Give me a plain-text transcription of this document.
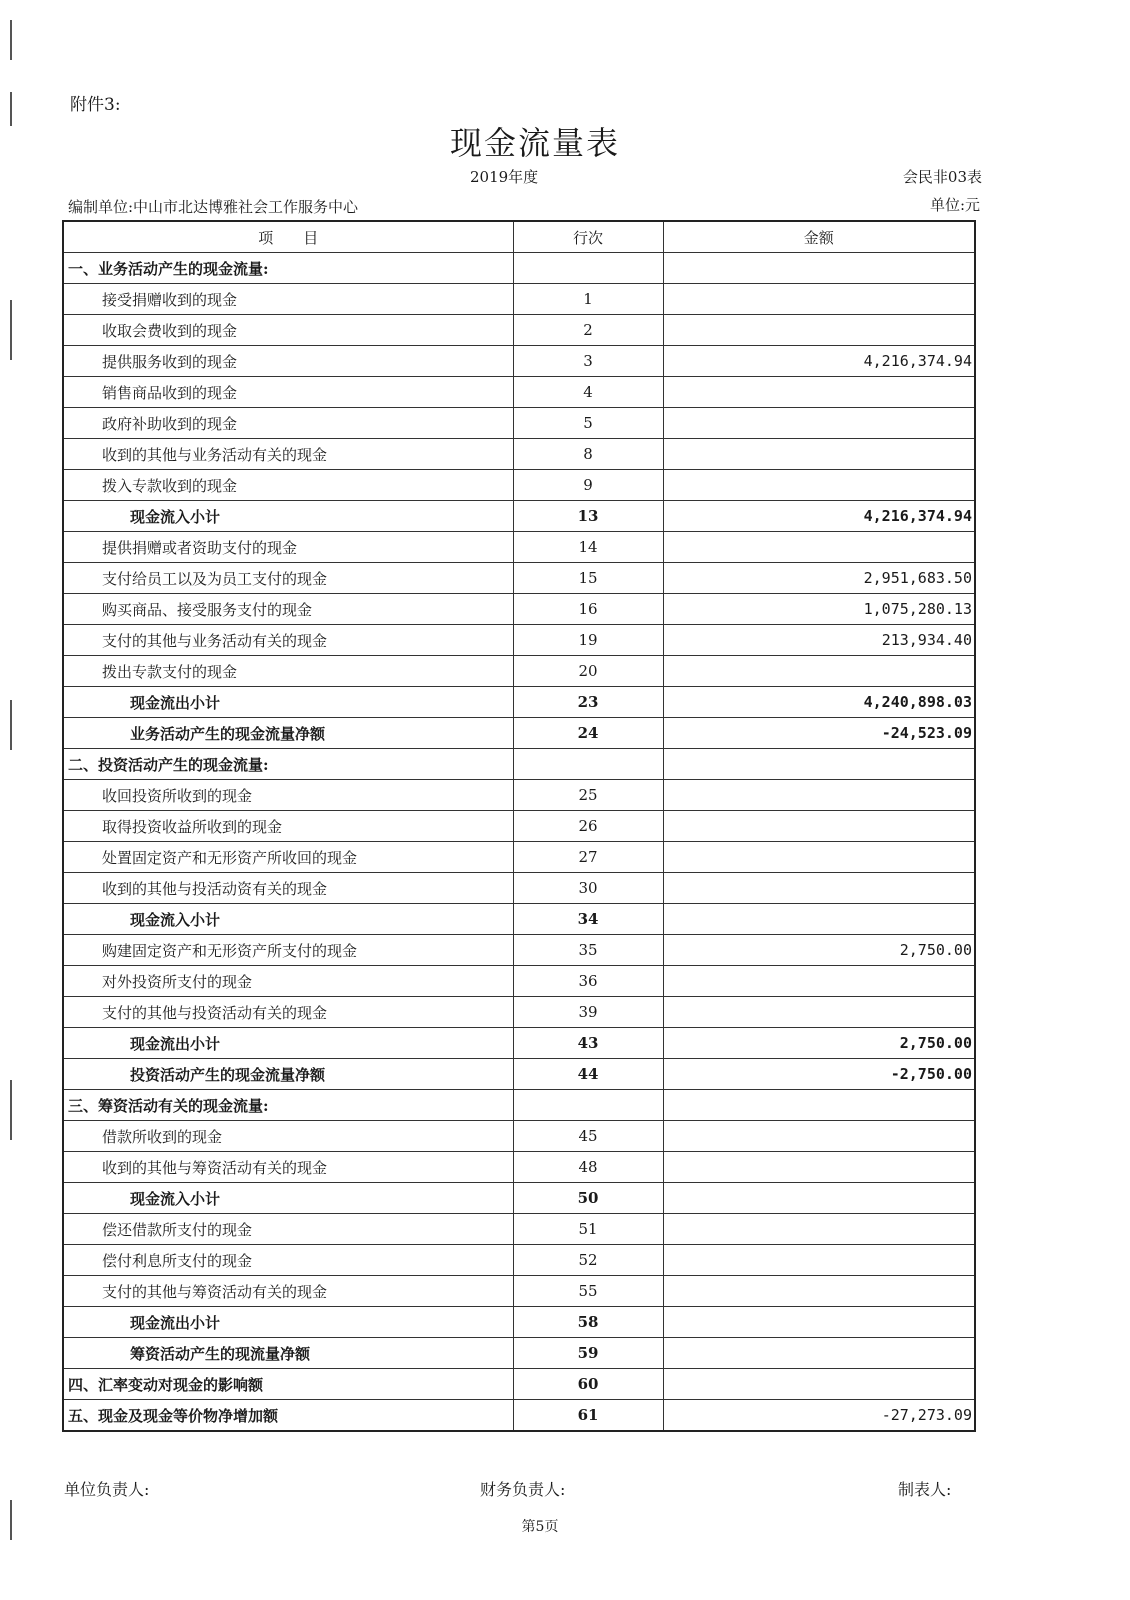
附件3:
现金流量表
2019年度	会民非03表
编制单位:中山市北达博雅社会工作服务中心	单位:元
项　　目	行次	金额
一、业务活动产生的现金流量:		
接受捐赠收到的现金	1	
收取会费收到的现金	2	
提供服务收到的现金	3	4,216,374.94
销售商品收到的现金	4	
政府补助收到的现金	5	
收到的其他与业务活动有关的现金	8	
拨入专款收到的现金	9	
现金流入小计	13	4,216,374.94
提供捐赠或者资助支付的现金	14	
支付给员工以及为员工支付的现金	15	2,951,683.50
购买商品、接受服务支付的现金	16	1,075,280.13
支付的其他与业务活动有关的现金	19	213,934.40
拨出专款支付的现金	20	
现金流出小计	23	4,240,898.03
业务活动产生的现金流量净额	24	-24,523.09
二、投资活动产生的现金流量:		
收回投资所收到的现金	25	
取得投资收益所收到的现金	26	
处置固定资产和无形资产所收回的现金	27	
收到的其他与投活动资有关的现金	30	
现金流入小计	34	
购建固定资产和无形资产所支付的现金	35	2,750.00
对外投资所支付的现金	36	
支付的其他与投资活动有关的现金	39	
现金流出小计	43	2,750.00
投资活动产生的现金流量净额	44	-2,750.00
三、筹资活动有关的现金流量:		
借款所收到的现金	45	
收到的其他与筹资活动有关的现金	48	
现金流入小计	50	
偿还借款所支付的现金	51	
偿付利息所支付的现金	52	
支付的其他与筹资活动有关的现金	55	
现金流出小计	58	
筹资活动产生的现流量净额	59	
四、汇率变动对现金的影响额	60	
五、现金及现金等价物净增加额	61	-27,273.09
单位负责人:	财务负责人:	制表人:
第5页
